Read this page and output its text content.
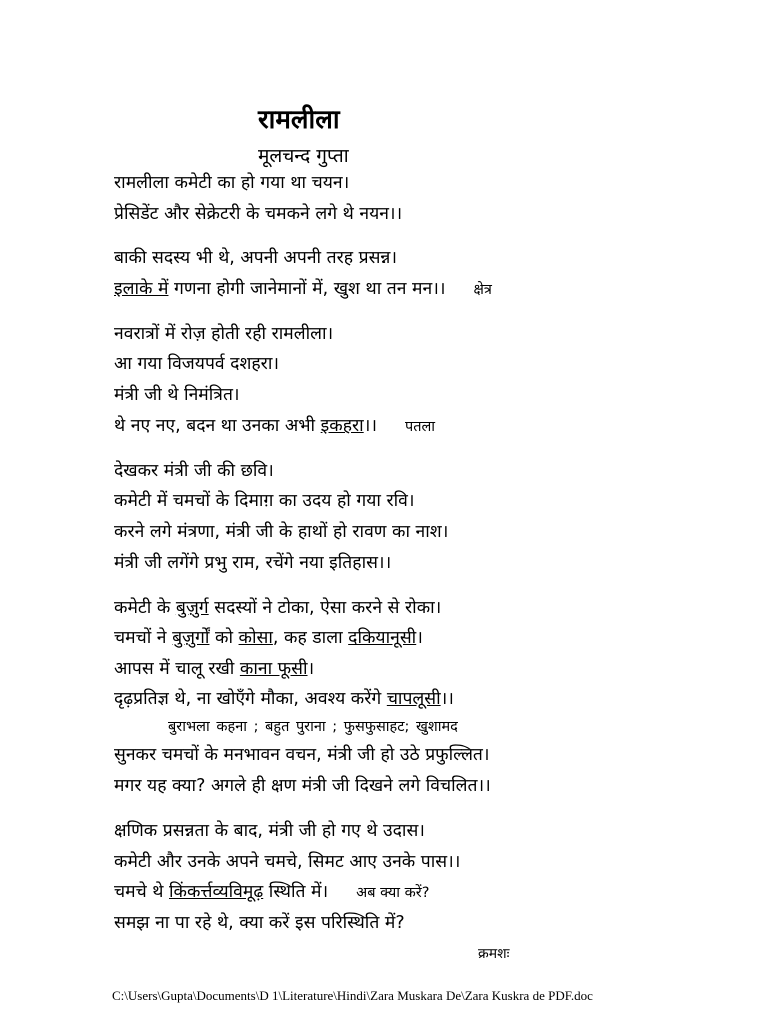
रामलीला
मूलचन्द गुप्ता
रामलीला कमेटी का हो गया था चयन।
प्रेसिडेंट और सेक्रेटरी के चमकने लगे थे नयन।।
बाकी सदस्य भी थे, अपनी अपनी तरह प्रसन्न।
इलाके में गणना होगी जानेमानों में, खुश था तन मन।। क्षेत्र
नवरात्रों में रोज़ होती रही रामलीला।
आ गया विजयपर्व दशहरा।
मंत्री जी थे निमंत्रित।
थे नए नए, बदन था उनका अभी इकहरा।। पतला
देखकर मंत्री जी की छवि।
कमेटी में चमचों के दिमाग़ का उदय हो गया रवि।
करने लगे मंत्रणा, मंत्री जी के हाथों हो रावण का नाश।
मंत्री जी लगेंगे प्रभु राम, रचेंगे नया इतिहास।।
कमेटी के बुज़ुर्ग सदस्यों ने टोका, ऐसा करने से रोका।
चमचों ने बुज़ुर्गों को कोसा, कह डाला दकियानूसी।
आपस में चालू रखी काना फूसी।
दृढ़प्रतिज्ञ थे, ना खोएँगे मौका, अवश्य करेंगे चापलूसी।।
बुराभला कहना ; बहुत पुराना ; फुसफुसाहट; खुशामद
सुनकर चमचों के मनभावन वचन, मंत्री जी हो उठे प्रफुल्लित।
मगर यह क्या? अगले ही क्षण मंत्री जी दिखने लगे विचलित।।
क्षणिक प्रसन्नता के बाद, मंत्री जी हो गए थे उदास।
कमेटी और उनके अपने चमचे, सिमट आए उनके पास।।
चमचे थे किंकर्त्तव्यविमूढ़ स्थिति में। अब क्या करें?
समझ ना पा रहे थे, क्या करें इस परिस्थिति में?
क्रमशः
C:\Users\Gupta\Documents\D 1\Literature\Hindi\Zara Muskara De\Zara Kuskra de PDF.doc
